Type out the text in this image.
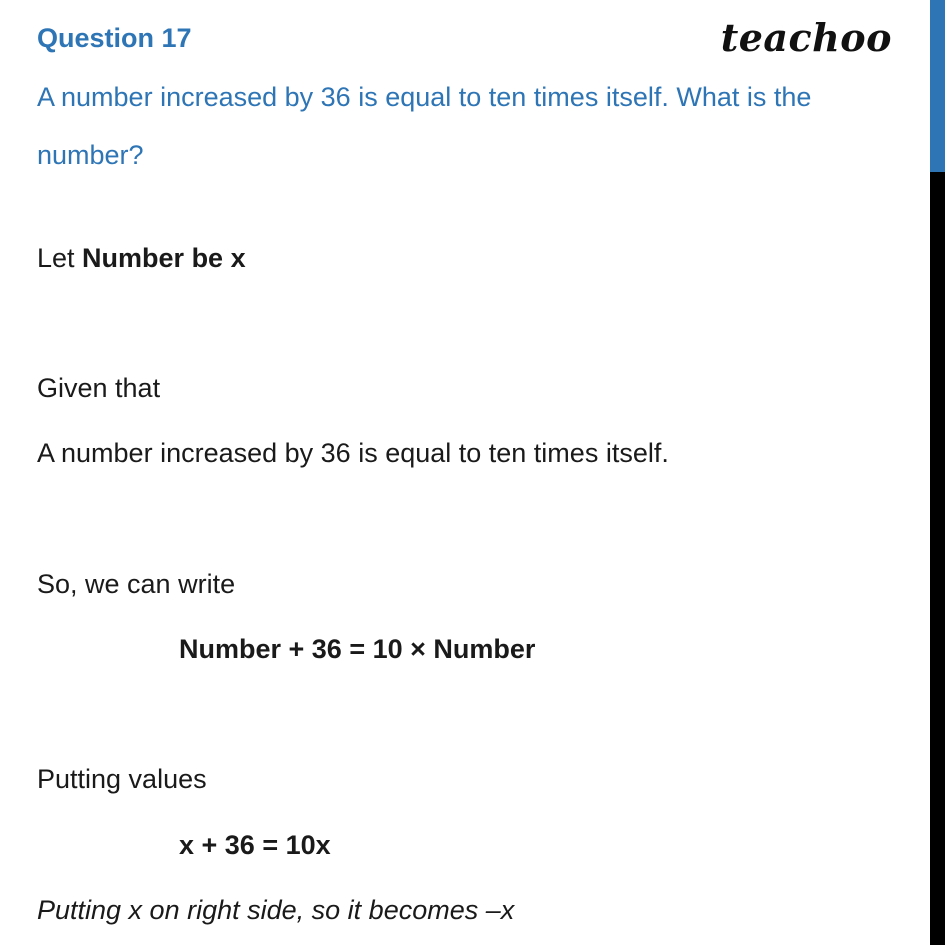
Question 17	teachoo
A number increased by 36 is equal to ten times itself. What is the
number?
Let Number be x
Given that
A number increased by 36 is equal to ten times itself.
So, we can write
Number + 36 = 10 × Number
Putting values
x + 36 = 10x
Putting x on right side, so it becomes –x
